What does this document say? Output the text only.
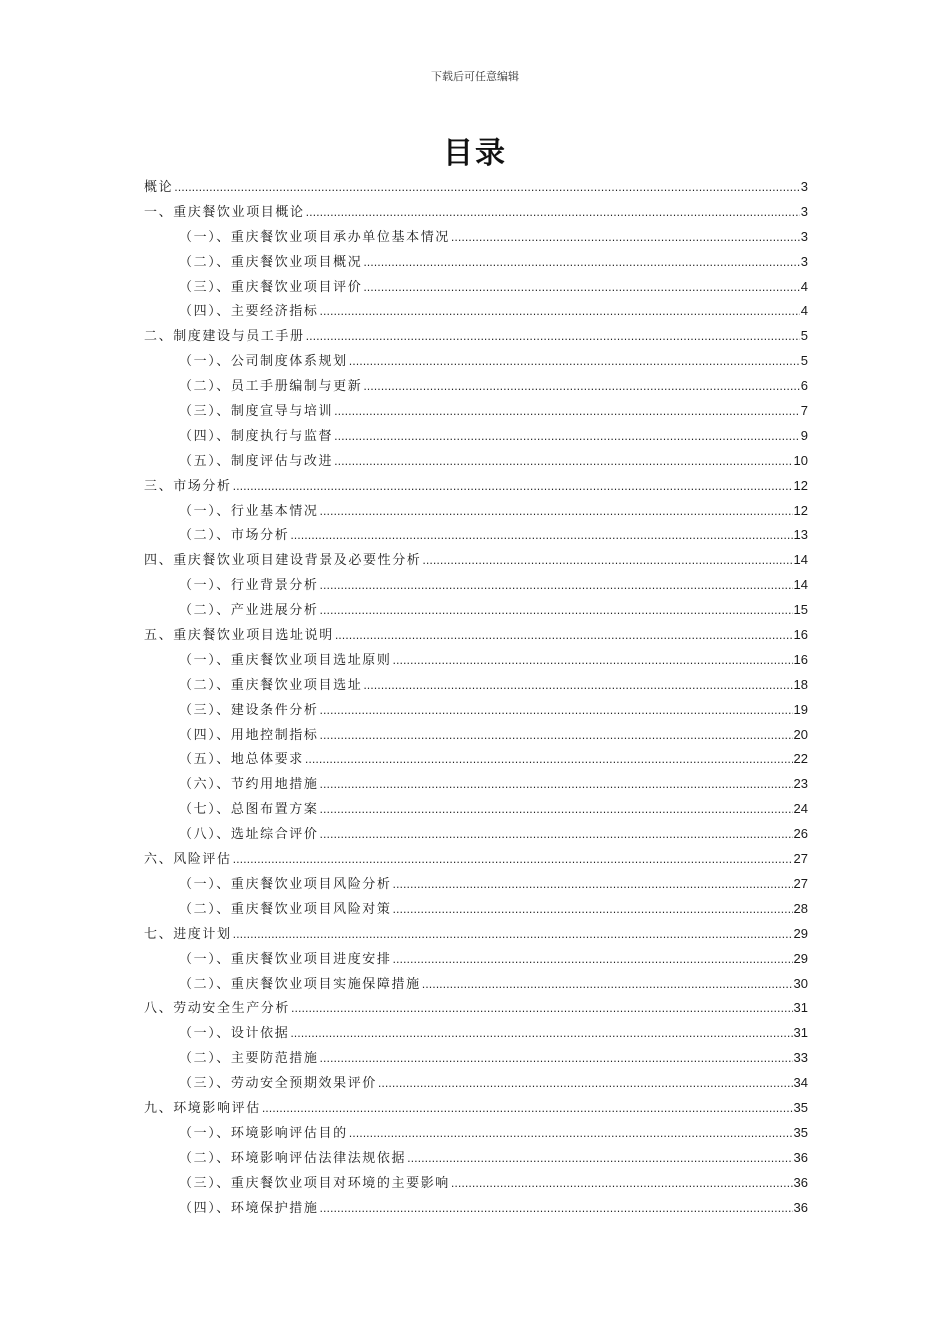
下载后可任意编辑
目录
概论 .....	3
一、重庆餐饮业项目概论 .....	3
（一）、重庆餐饮业项目承办单位基本情况 .....	3
（二）、重庆餐饮业项目概况 .....	3
（三）、重庆餐饮业项目评价 .....	4
（四）、主要经济指标 .....	4
二、制度建设与员工手册 .....	5
（一）、公司制度体系规划 .....	5
（二）、员工手册编制与更新 .....	6
（三）、制度宣导与培训 .....	7
（四）、制度执行与监督 .....	9
（五）、制度评估与改进 .....	10
三、市场分析 .....	12
（一）、行业基本情况 .....	12
（二）、市场分析 .....	13
四、重庆餐饮业项目建设背景及必要性分析 .....	14
（一）、行业背景分析 .....	14
（二）、产业进展分析 .....	15
五、重庆餐饮业项目选址说明 .....	16
（一）、重庆餐饮业项目选址原则 .....	16
（二）、重庆餐饮业项目选址 .....	18
（三）、建设条件分析 .....	19
（四）、用地控制指标 .....	20
（五）、地总体要求 .....	22
（六）、节约用地措施 .....	23
（七）、总图布置方案 .....	24
（八）、选址综合评价 .....	26
六、风险评估 .....	27
（一）、重庆餐饮业项目风险分析 .....	27
（二）、重庆餐饮业项目风险对策 .....	28
七、进度计划 .....	29
（一）、重庆餐饮业项目进度安排 .....	29
（二）、重庆餐饮业项目实施保障措施 .....	30
八、劳动安全生产分析 .....	31
（一）、设计依据 .....	31
（二）、主要防范措施 .....	33
（三）、劳动安全预期效果评价 .....	34
九、环境影响评估 .....	35
（一）、环境影响评估目的 .....	35
（二）、环境影响评估法律法规依据 .....	36
（三）、重庆餐饮业项目对环境的主要影响 .....	36
（四）、环境保护措施 .....	36
